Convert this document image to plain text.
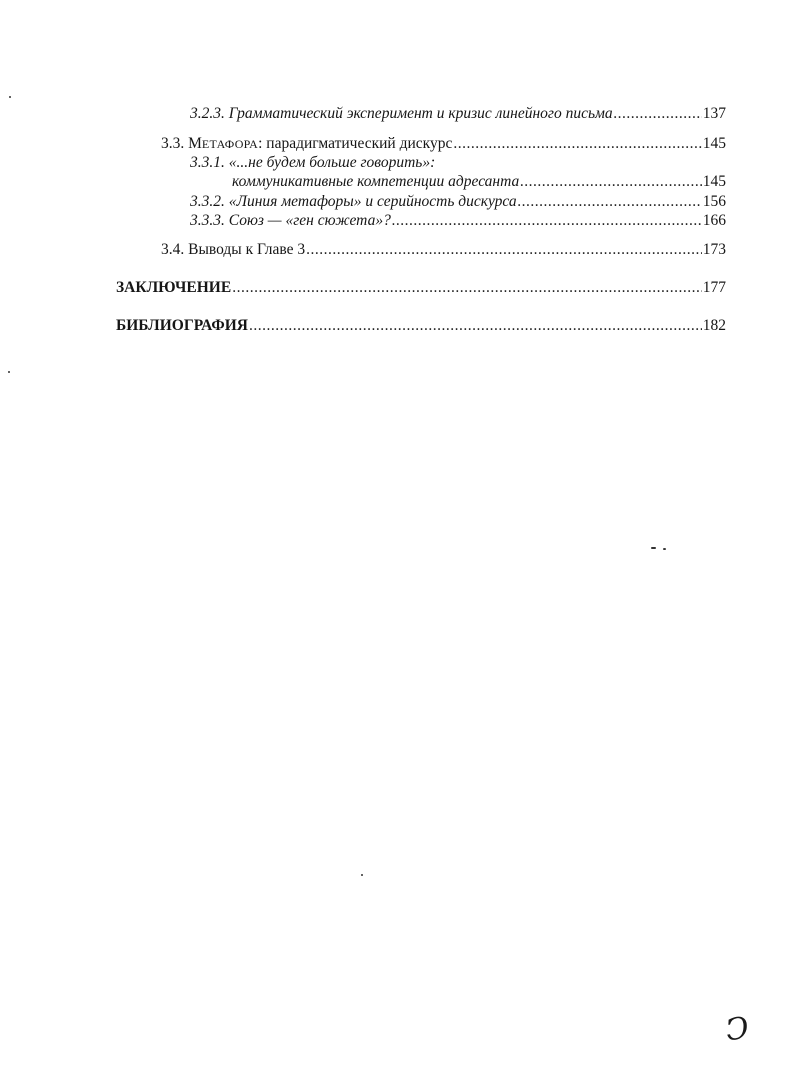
3.2.3. Грамматический эксперимент и кризис линейного письма .....	137
3.3. МЕТАФОРА: парадигматический дискурс .....	145
3.3.1. «...не будем больше говорить»:
коммуникативные компетенции адресанта .....	145
3.3.2. «Линия метафоры» и серийность дискурса .....	156
3.3.3. Союз — «ген сюжета»? .....	166
3.4. Выводы к Главе 3 .....	173
ЗАКЛЮЧЕНИЕ .....	177
БИБЛИОГРАФИЯ .....	182
Ͻ
